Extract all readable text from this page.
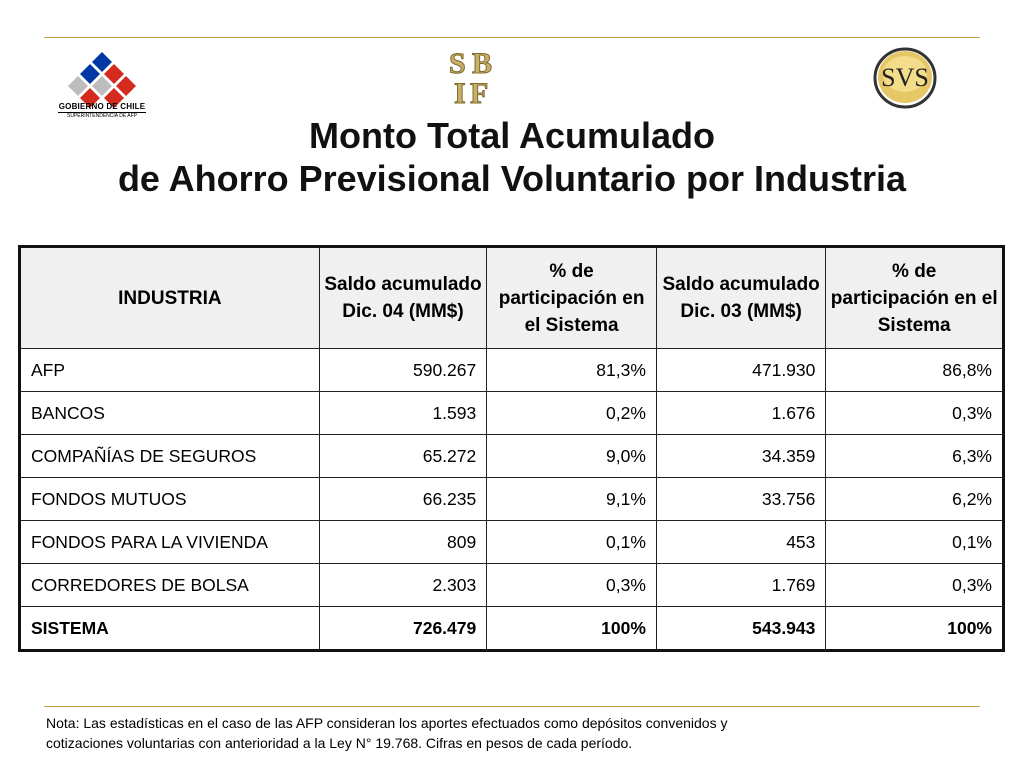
GOBIERNO DE CHILE
SUPERINTENDENCIA DE AFP
S B
I F	SVS
Monto Total Acumulado
de Ahorro Previsional Voluntario por Industria
INDUSTRIA	Saldo acumulado Dic. 04 (MM$)	% de participación en el Sistema	Saldo acumulado Dic. 03 (MM$)	% de participación en el Sistema
AFP	590.267	81,3%	471.930	86,8%
BANCOS	1.593	0,2%	1.676	0,3%
COMPAÑÍAS DE SEGUROS	65.272	9,0%	34.359	6,3%
FONDOS MUTUOS	66.235	9,1%	33.756	6,2%
FONDOS PARA LA VIVIENDA	809	0,1%	453	0,1%
CORREDORES DE BOLSA	2.303	0,3%	1.769	0,3%
SISTEMA	726.479	100%	543.943	100%
Nota: Las estadísticas en el caso de las AFP consideran los aportes efectuados como depósitos convenidos y
cotizaciones voluntarias con anterioridad a la Ley N° 19.768. Cifras en pesos de cada período.
